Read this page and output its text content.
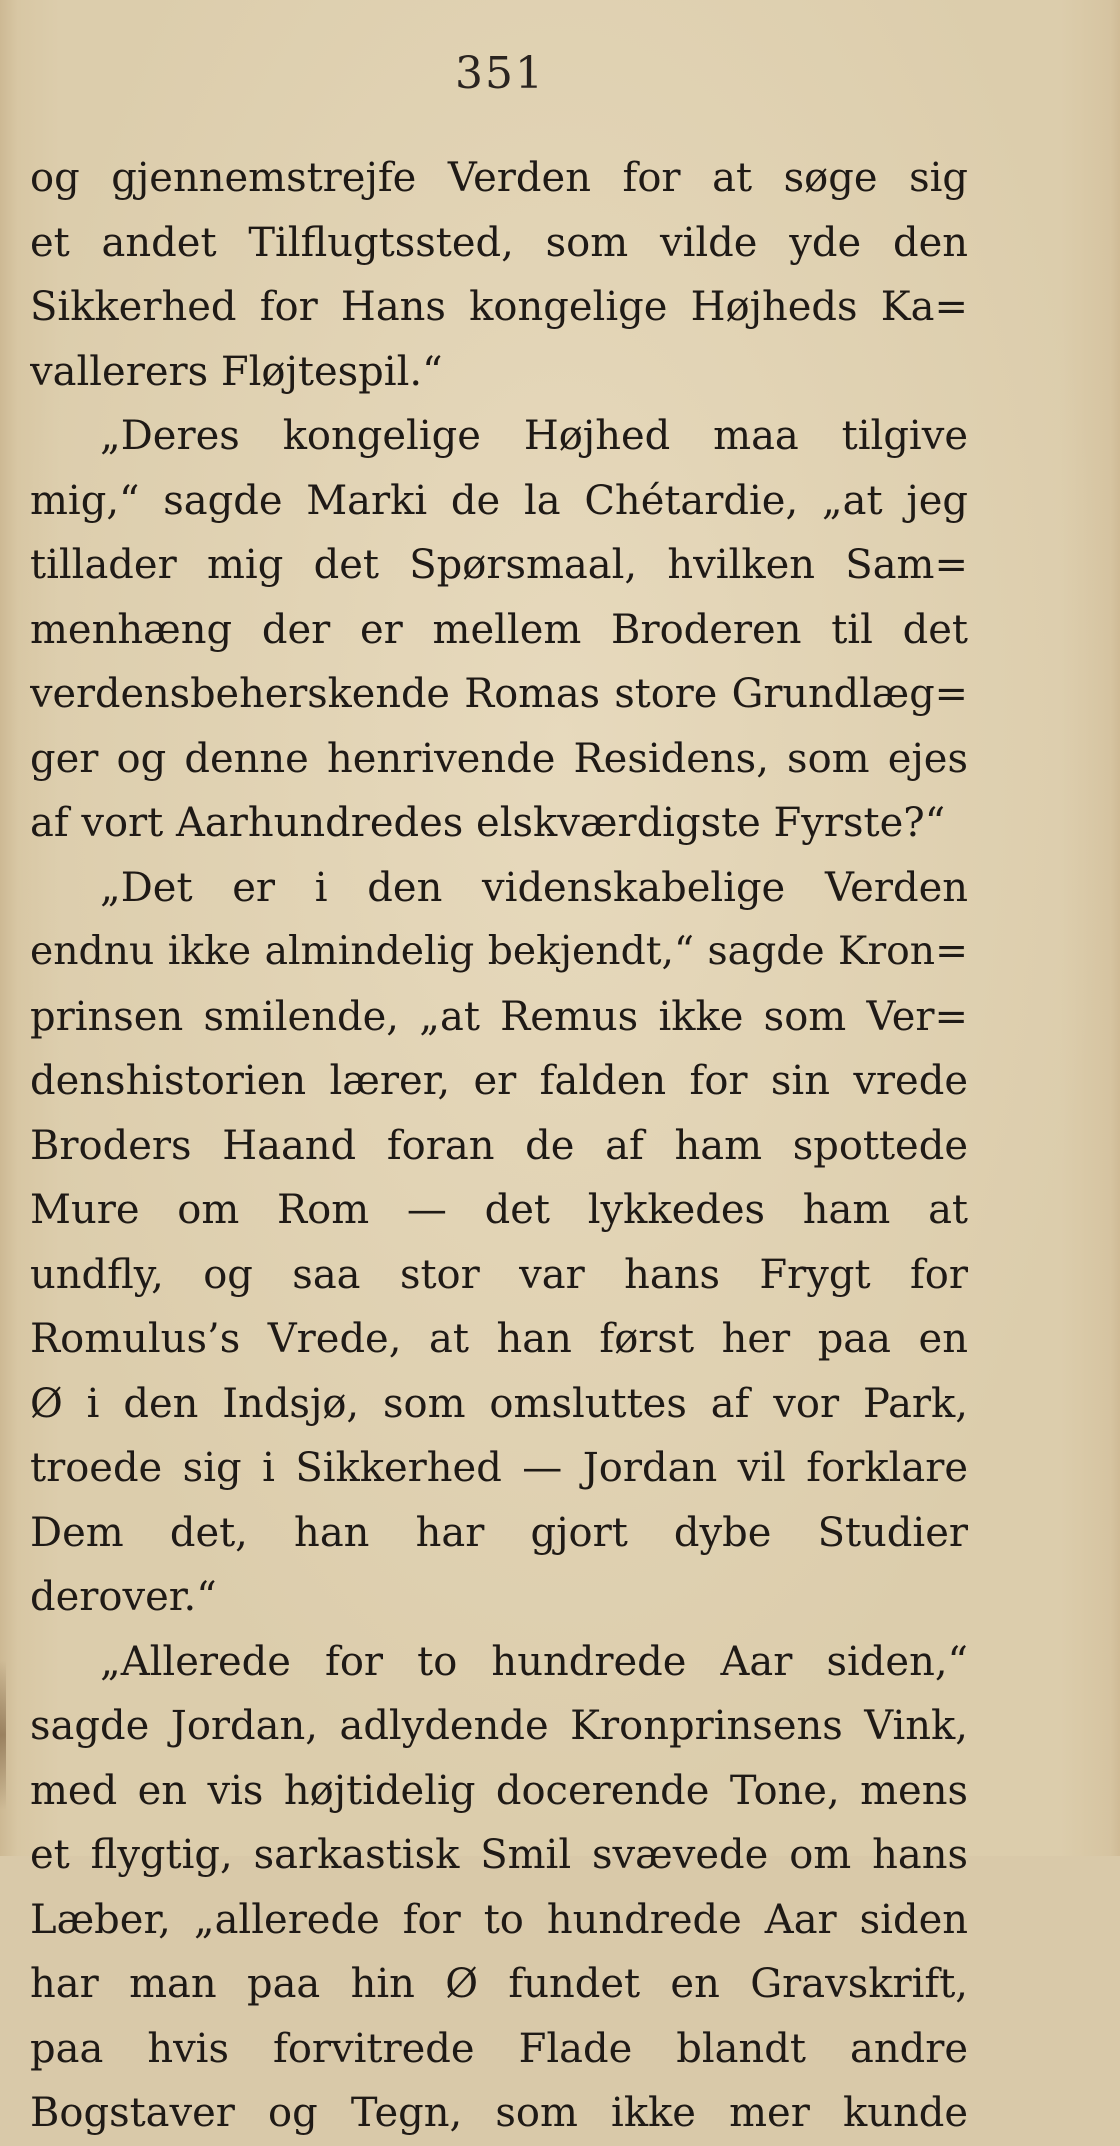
351
og gjennemstrejfe Verden for at søge sig
et andet Tilflugtssted, som vilde yde den
Sikkerhed for Hans kongelige Højheds Ka=
vallerers Fløjtespil.“
„Deres kongelige Højhed maa tilgive
mig,“ sagde Marki de la Chétardie, „at jeg
tillader mig det Spørsmaal, hvilken Sam=
menhæng der er mellem Broderen til det
verdensbeherskende Romas store Grundlæg=
ger og denne henrivende Residens, som ejes
af vort Aarhundredes elskværdigste Fyrste?“
„Det er i den videnskabelige Verden
endnu ikke almindelig bekjendt,“ sagde Kron=
prinsen smilende, „at Remus ikke som Ver=
denshistorien lærer, er falden for sin vrede
Broders Haand foran de af ham spottede
Mure om Rom — det lykkedes ham at
undfly, og saa stor var hans Frygt for
Romulus’s Vrede, at han først her paa en
Ø i den Indsjø, som omsluttes af vor Park,
troede sig i Sikkerhed — Jordan vil forklare
Dem det, han har gjort dybe Studier
derover.“
„Allerede for to hundrede Aar siden,“
sagde Jordan, adlydende Kronprinsens Vink,
med en vis højtidelig docerende Tone, mens
et flygtig, sarkastisk Smil svævede om hans
Læber, „allerede for to hundrede Aar siden
har man paa hin Ø fundet en Gravskrift,
paa hvis forvitrede Flade blandt andre
Bogstaver og Tegn, som ikke mer kunde
